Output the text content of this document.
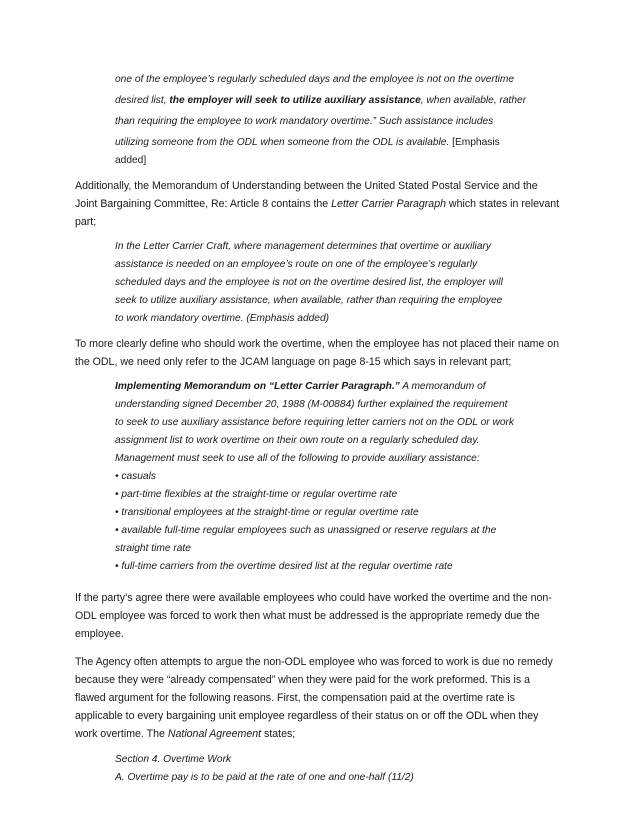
one of the employee’s regularly scheduled days and the employee is not on the overtime
desired list, the employer will seek to utilize auxiliary assistance, when available, rather
than requiring the employee to work mandatory overtime.” Such assistance includes
utilizing someone from the ODL when someone from the ODL is available. [Emphasis
added]
Additionally, the Memorandum of Understanding between the United Stated Postal Service and the
Joint Bargaining Committee, Re: Article 8 contains the Letter Carrier Paragraph which states in relevant
part;
In the Letter Carrier Craft, where management determines that overtime or auxiliary
assistance is needed on an employee’s route on one of the employee’s regularly
scheduled days and the employee is not on the overtime desired list, the employer will
seek to utilize auxiliary assistance, when available, rather than requiring the employee
to work mandatory overtime. (Emphasis added)
To more clearly define who should work the overtime, when the employee has not placed their name on
the ODL, we need only refer to the JCAM language on page 8-15 which says in relevant part;
Implementing Memorandum on “Letter Carrier Paragraph.” A memorandum of
understanding signed December 20, 1988 (M-00884) further explained the requirement
to seek to use auxiliary assistance before requiring letter carriers not on the ODL or work
assignment list to work overtime on their own route on a regularly scheduled day.
Management must seek to use all of the following to provide auxiliary assistance:
• casuals
• part-time flexibles at the straight-time or regular overtime rate
• transitional employees at the straight-time or regular overtime rate
• available full-time regular employees such as unassigned or reserve regulars at the
straight time rate
• full-time carriers from the overtime desired list at the regular overtime rate
If the party’s agree there were available employees who could have worked the overtime and the non-
ODL employee was forced to work then what must be addressed is the appropriate remedy due the
employee.
The Agency often attempts to argue the non-ODL employee who was forced to work is due no remedy
because they were “already compensated” when they were paid for the work preformed. This is a
flawed argument for the following reasons. First, the compensation paid at the overtime rate is
applicable to every bargaining unit employee regardless of their status on or off the ODL when they
work overtime. The National Agreement states;
Section 4. Overtime Work
A. Overtime pay is to be paid at the rate of one and one-half (11/2)
